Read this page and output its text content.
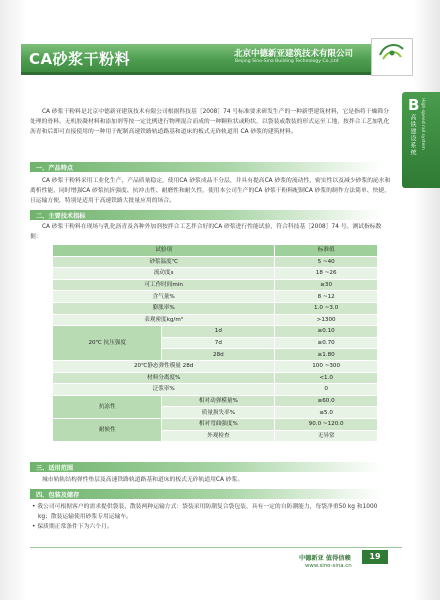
CA砂浆干粉料	北京中德新亚建筑技术有限公司
Beijing Sino-Sina Building Technology Co.,Ltd
B
高铁建设系统 High-speed rail system
CA 砂浆干粉料是北京中德新亚建筑技术有限公司根据科技基［2008］74 号标准要求研发生产的一种新型建筑材料，它是指将干燥筛分处理的骨料、无机胶凝材料和添加剂等按一定比例进行物理混合而成的一种颗粒状或粉状，以袋装或散装的形式运至工地，按拌合工艺加乳化沥青和后即可直接使用的一种用于配制高速铁路轨道路基和道床的板式无砟轨道用 CA 砂浆的建筑材料。
一、产品特点
CA 砂浆干粉料采用工业化生产，产品质量稳定，使用CA 砂浆成品不分层，并具有提高CA 砂浆的流动性，密实性以及减少砂浆的泌水和离析性能，同时增强CA 砂浆抗折强度、抗冲击性、耐磨性和耐久性，使用本公司生产的CA 砂浆干粉料配制CA 砂浆的制作方法简单、快捷，且运输方便，特别是适用于高速铁路大批量应用的场合。
二、主要技术指标
CA 砂浆干粉料在现场与乳化沥青及各种外加剂按拌合工艺拌合好的CA 砂浆进行性能试验，符合科技基［2008］74 号。测试指标数据：
试验项		标准值
砂浆温度℃		5 ~40
流动度s		18 ~26
可工作时间min		≥30
含气量%		8 ~12
膨胀率%		1.0 ~3.0
表观密度kg/m³		>1300
20℃ 抗压强度	1d	≥0.10
	7d	≥0.70
	28d	≥1.80
20℃静态弹性模量 28d		100 ~300
材料分离度%		<1.0
泛浆率%		0
抗冻性	相对动弹模量%	≥60.0
	质量损失率%	≤5.0
耐候性	相对弯曲强度%	90.0 ~120.0
	外观检查	无异常
三、适用范围
城市轨轨结构弹性垫层及高速铁路轨道路基和道床的板式无砟轨道用CA 砂浆。
四、包装及储存
• 我公司可根据客户的需求提供袋装、散装两种运输方式：袋装采用防潮复合袋包装，具有一定的自防潮能力，每袋净重50 kg 和1000 kg；散装运输使用砂浆专用运输车。
• 保质期正常条件下为六个月。
中德新亚 值得信赖
www.sino-sina.cn
19
